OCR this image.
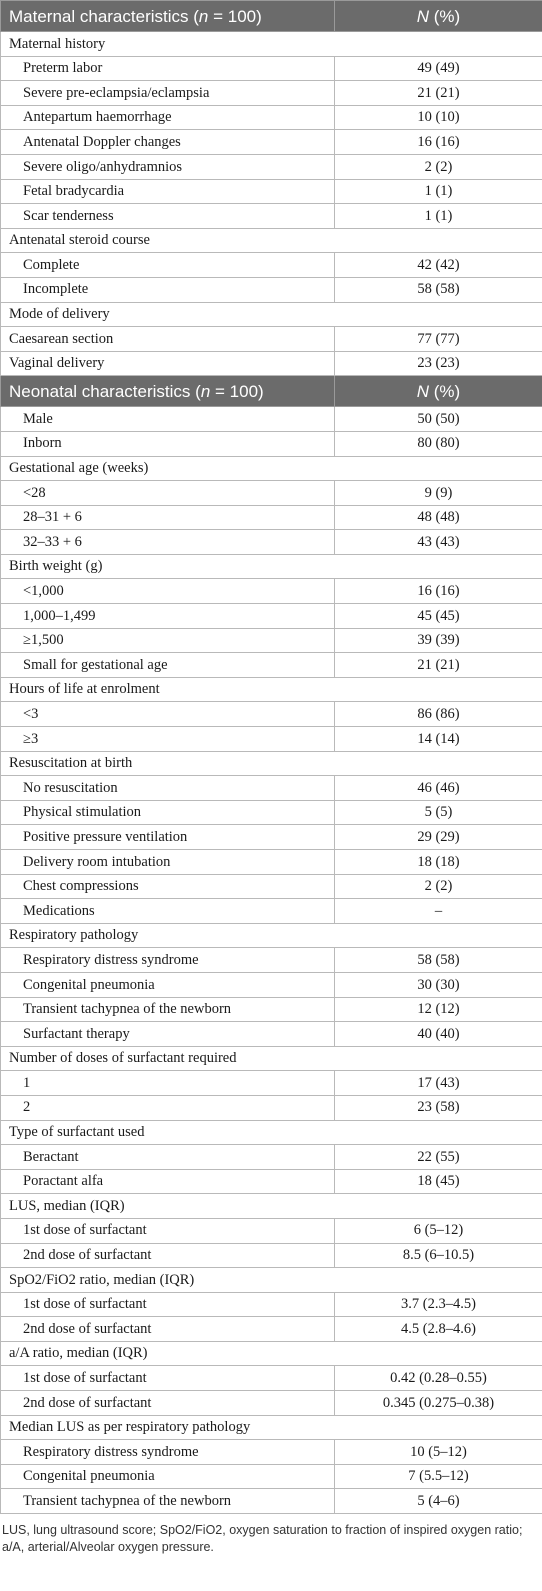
Maternal characteristics (n = 100)	N (%)
Maternal history	
Preterm labor	49 (49)
Severe pre-eclampsia/eclampsia	21 (21)
Antepartum haemorrhage	10 (10)
Antenatal Doppler changes	16 (16)
Severe oligo/anhydramnios	2 (2)
Fetal bradycardia	1 (1)
Scar tenderness	1 (1)
Antenatal steroid course	
Complete	42 (42)
Incomplete	58 (58)
Mode of delivery	
Caesarean section	77 (77)
Vaginal delivery	23 (23)
Neonatal characteristics (n = 100)	N (%)
Male	50 (50)
Inborn	80 (80)
Gestational age (weeks)	
<28	9 (9)
28–31 + 6	48 (48)
32–33 + 6	43 (43)
Birth weight (g)	
<1,000	16 (16)
1,000–1,499	45 (45)
≥1,500	39 (39)
Small for gestational age	21 (21)
Hours of life at enrolment	
<3	86 (86)
≥3	14 (14)
Resuscitation at birth	
No resuscitation	46 (46)
Physical stimulation	5 (5)
Positive pressure ventilation	29 (29)
Delivery room intubation	18 (18)
Chest compressions	2 (2)
Medications	–
Respiratory pathology	
Respiratory distress syndrome	58 (58)
Congenital pneumonia	30 (30)
Transient tachypnea of the newborn	12 (12)
Surfactant therapy	40 (40)
Number of doses of surfactant required	
1	17 (43)
2	23 (58)
Type of surfactant used	
Beractant	22 (55)
Poractant alfa	18 (45)
LUS, median (IQR)	
1st dose of surfactant	6 (5–12)
2nd dose of surfactant	8.5 (6–10.5)
SpO2/FiO2 ratio, median (IQR)	
1st dose of surfactant	3.7 (2.3–4.5)
2nd dose of surfactant	4.5 (2.8–4.6)
a/A ratio, median (IQR)	
1st dose of surfactant	0.42 (0.28–0.55)
2nd dose of surfactant	0.345 (0.275–0.38)
Median LUS as per respiratory pathology	
Respiratory distress syndrome	10 (5–12)
Congenital pneumonia	7 (5.5–12)
Transient tachypnea of the newborn	5 (4–6)
LUS, lung ultrasound score; SpO2/FiO2, oxygen saturation to fraction of inspired oxygen ratio; a/A, arterial/Alveolar oxygen pressure.
